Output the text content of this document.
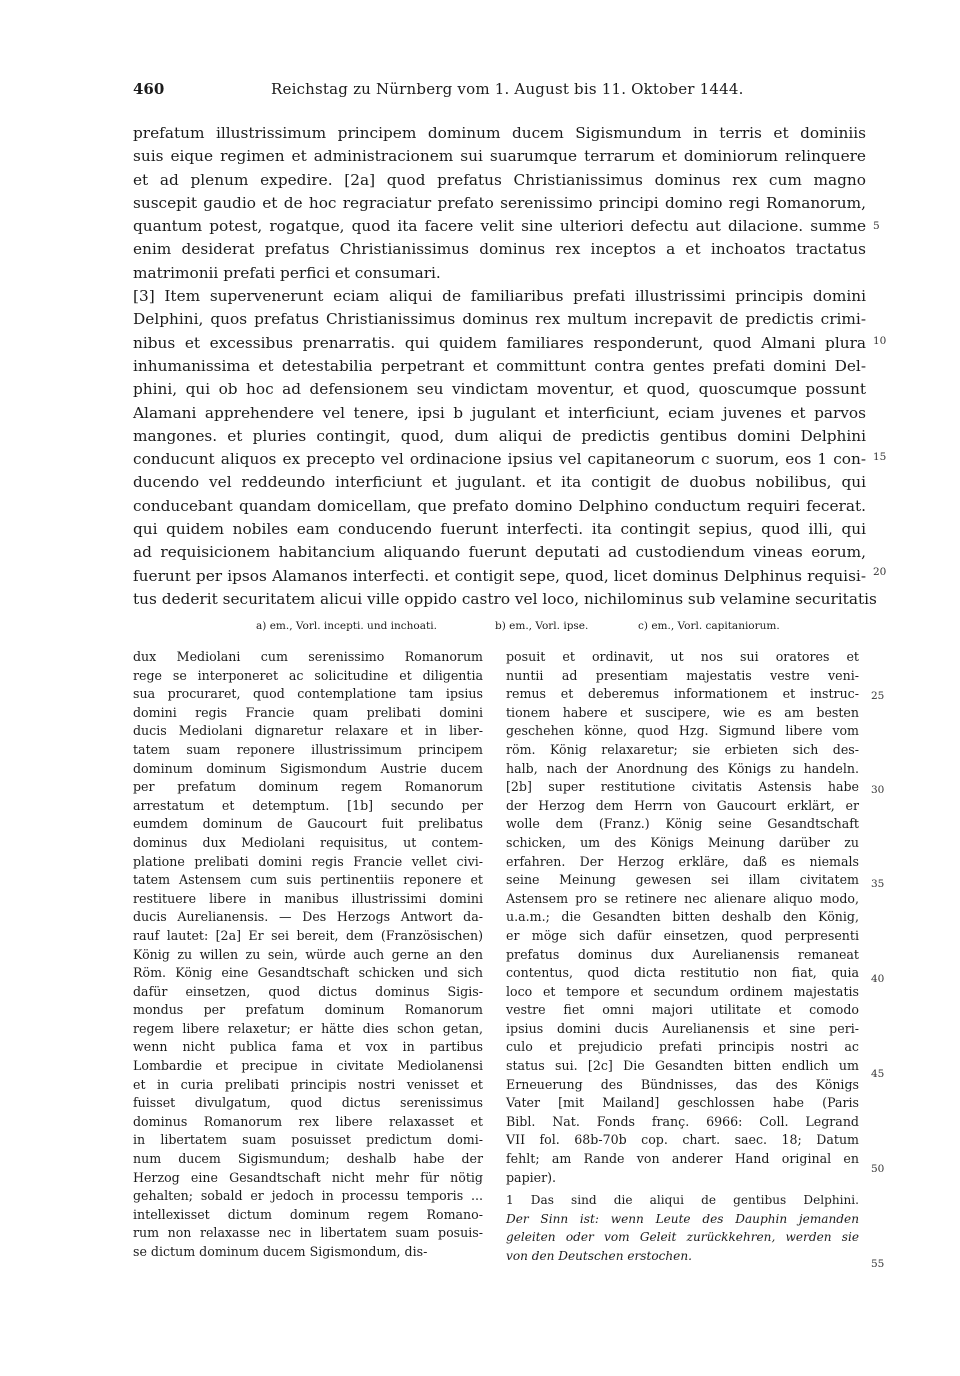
460	Reichstag zu Nürnberg vom 1. August bis 11. Oktober 1444.
prefatum illustrissimum principem dominum ducem Sigismundum in terris et dominiis
suis eique regimen et administracionem sui suarumque terrarum et dominiorum relinquere
et ad plenum expedire. [2a] quod prefatus Christianissimus dominus rex cum magno
suscepit gaudio et de hoc regraciatur prefato serenissimo principi domino regi Romanorum,
quantum potest, rogatque, quod ita facere velit sine ulteriori defectu aut dilacione. summe
enim desiderat prefatus Christianissimus dominus rex inceptos a et inchoatos tractatus
matrimonii prefati perfici et consumari.
[3] Item supervenerunt eciam aliqui de familiaribus prefati illustrissimi principis domini
Delphini, quos prefatus Christianissimus dominus rex multum increpavit de predictis crimi-
nibus et excessibus prenarratis. qui quidem familiares responderunt, quod Almani plura
inhumanissima et detestabilia perpetrant et committunt contra gentes prefati domini Del-
phini, qui ob hoc ad defensionem seu vindictam moventur, et quod, quoscumque possunt
Alamani apprehendere vel tenere, ipsi b jugulant et interficiunt, eciam juvenes et parvos
mangones. et pluries contingit, quod, dum aliqui de predictis gentibus domini Delphini
conducunt aliquos ex precepto vel ordinacione ipsius vel capitaneorum c suorum, eos 1 con-
ducendo vel reddeundo interficiunt et jugulant. et ita contigit de duobus nobilibus, qui
conducebant quandam domicellam, que prefato domino Delphino conductum requiri fecerat.
qui quidem nobiles eam conducendo fuerunt interfecti. ita contingit sepius, quod illi, qui
ad requisicionem habitancium aliquando fuerunt deputati ad custodiendum vineas eorum,
fuerunt per ipsos Alamanos interfecti. et contigit sepe, quod, licet dominus Delphinus requisi-
tus dederit securitatem alicui ville oppido castro vel loco, nichilominus sub velamine securitatis
5
10
15
20
a) em., Vorl. incepti. und inchoati.	b) em., Vorl. ipse.	c) em., Vorl. capitaniorum.
dux Mediolani cum serenissimo Romanorum
rege se interponeret ac solicitudine et diligentia
sua procuraret, quod contemplatione tam ipsius
domini regis Francie quam prelibati domini
ducis Mediolani dignaretur relaxare et in liber-
tatem suam reponere illustrissimum principem
dominum dominum Sigismondum Austrie ducem
per prefatum dominum regem Romanorum
arrestatum et detemptum. [1b] secundo per
eumdem dominum de Gaucourt fuit prelibatus
dominus dux Mediolani requisitus, ut contem-
platione prelibati domini regis Francie vellet civi-
tatem Astensem cum suis pertinentiis reponere et
restituere libere in manibus illustrissimi domini
ducis Aurelianensis. — Des Herzogs Antwort da-
rauf lautet: [2a] Er sei bereit, dem (Französischen)
König zu willen zu sein, würde auch gerne an den
Röm. König eine Gesandtschaft schicken und sich
dafür einsetzen, quod dictus dominus Sigis-
mondus per prefatum dominum Romanorum
regem libere relaxetur; er hätte dies schon getan,
wenn nicht publica fama et vox in partibus
Lombardie et precipue in civitate Mediolanensi
et in curia prelibati principis nostri venisset et
fuisset divulgatum, quod dictus serenissimus
dominus Romanorum rex libere relaxasset et
in libertatem suam posuisset predictum domi-
num ducem Sigismundum; deshalb habe der
Herzog eine Gesandtschaft nicht mehr für nötig
gehalten; sobald er jedoch in processu temporis ...
intellexisset dictum dominum regem Romano-
rum non relaxasse nec in libertatem suam posuis-
se dictum dominum ducem Sigismondum, dis-
posuit et ordinavit, ut nos sui oratores et
nuntii ad presentiam majestatis vestre veni-
remus et deberemus informationem et instruc-
tionem habere et suscipere, wie es am besten
geschehen könne, quod Hzg. Sigmund libere vom
röm. König relaxaretur; sie erbieten sich des-
halb, nach der Anordnung des Königs zu handeln.
[2b] super restitutione civitatis Astensis habe
der Herzog dem Herrn von Gaucourt erklärt, er
wolle dem (Franz.) König seine Gesandtschaft
schicken, um des Königs Meinung darüber zu
erfahren. Der Herzog erkläre, daß es niemals
seine Meinung gewesen sei illam civitatem
Astensem pro se retinere nec alienare aliquo modo,
u.a.m.; die Gesandten bitten deshalb den König,
er möge sich dafür einsetzen, quod perpresenti
prefatus dominus dux Aurelianensis remaneat
contentus, quod dicta restitutio non fiat, quia
loco et tempore et secundum ordinem majestatis
vestre fiet omni majori utilitate et comodo
ipsius domini ducis Aurelianensis et sine peri-
culo et prejudicio prefati principis nostri ac
status sui. [2c] Die Gesandten bitten endlich um
Erneuerung des Bündnisses, das des Königs
Vater [mit Mailand] geschlossen habe (Paris
Bibl. Nat. Fonds franç. 6966: Coll. Legrand
VII fol. 68b-70b cop. chart. saec. 18; Datum
fehlt; am Rande von anderer Hand original en
papier).
1 Das sind die aliqui de gentibus Delphini.
Der Sinn ist: wenn Leute des Dauphin jemanden
geleiten oder vom Geleit zurückkehren, werden sie
von den Deutschen erstochen.
25
30
35
40
45
50
55
